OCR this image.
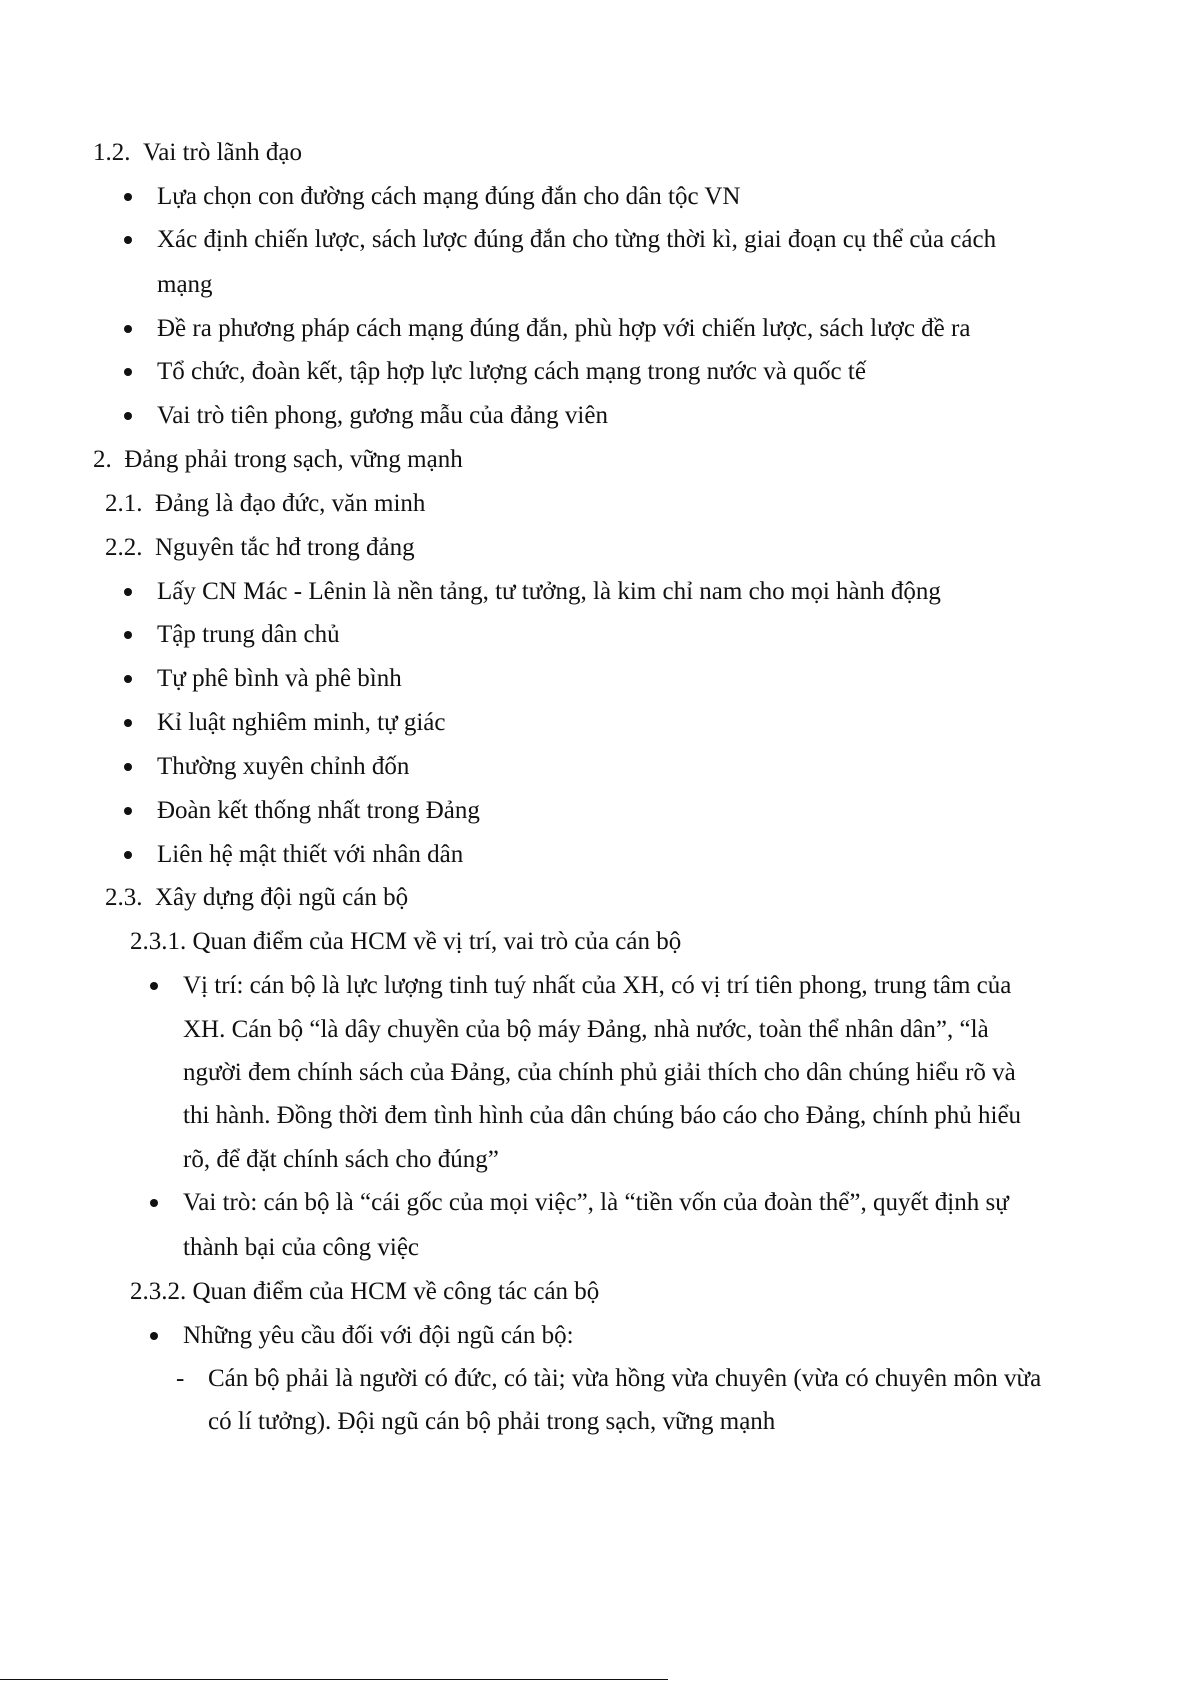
1.2. Vai trò lãnh đạo
Lựa chọn con đường cách mạng đúng đắn cho dân tộc VN
Xác định chiến lược, sách lược đúng đắn cho từng thời kì, giai đoạn cụ thể của cách
mạng
Đề ra phương pháp cách mạng đúng đắn, phù hợp với chiến lược, sách lược đề ra
Tổ chức, đoàn kết, tập hợp lực lượng cách mạng trong nước và quốc tế
Vai trò tiên phong, gương mẫu của đảng viên
2. Đảng phải trong sạch, vững mạnh
2.1. Đảng là đạo đức, văn minh
2.2. Nguyên tắc hđ trong đảng
Lấy CN Mác - Lênin là nền tảng, tư tưởng, là kim chỉ nam cho mọi hành động
Tập trung dân chủ
Tự phê bình và phê bình
Kỉ luật nghiêm minh, tự giác
Thường xuyên chỉnh đốn
Đoàn kết thống nhất trong Đảng
Liên hệ mật thiết với nhân dân
2.3. Xây dựng đội ngũ cán bộ
2.3.1. Quan điểm của HCM về vị trí, vai trò của cán bộ
Vị trí: cán bộ là lực lượng tinh tuý nhất của XH, có vị trí tiên phong, trung tâm của
XH. Cán bộ “là dây chuyền của bộ máy Đảng, nhà nước, toàn thể nhân dân”, “là
người đem chính sách của Đảng, của chính phủ giải thích cho dân chúng hiểu rõ và
thi hành. Đồng thời đem tình hình của dân chúng báo cáo cho Đảng, chính phủ hiểu
rõ, để đặt chính sách cho đúng”
Vai trò: cán bộ là “cái gốc của mọi việc”, là “tiền vốn của đoàn thể”, quyết định sự
thành bại của công việc
2.3.2. Quan điểm của HCM về công tác cán bộ
Những yêu cầu đối với đội ngũ cán bộ:
- Cán bộ phải là người có đức, có tài; vừa hồng vừa chuyên (vừa có chuyên môn vừa
có lí tưởng). Đội ngũ cán bộ phải trong sạch, vững mạnh
